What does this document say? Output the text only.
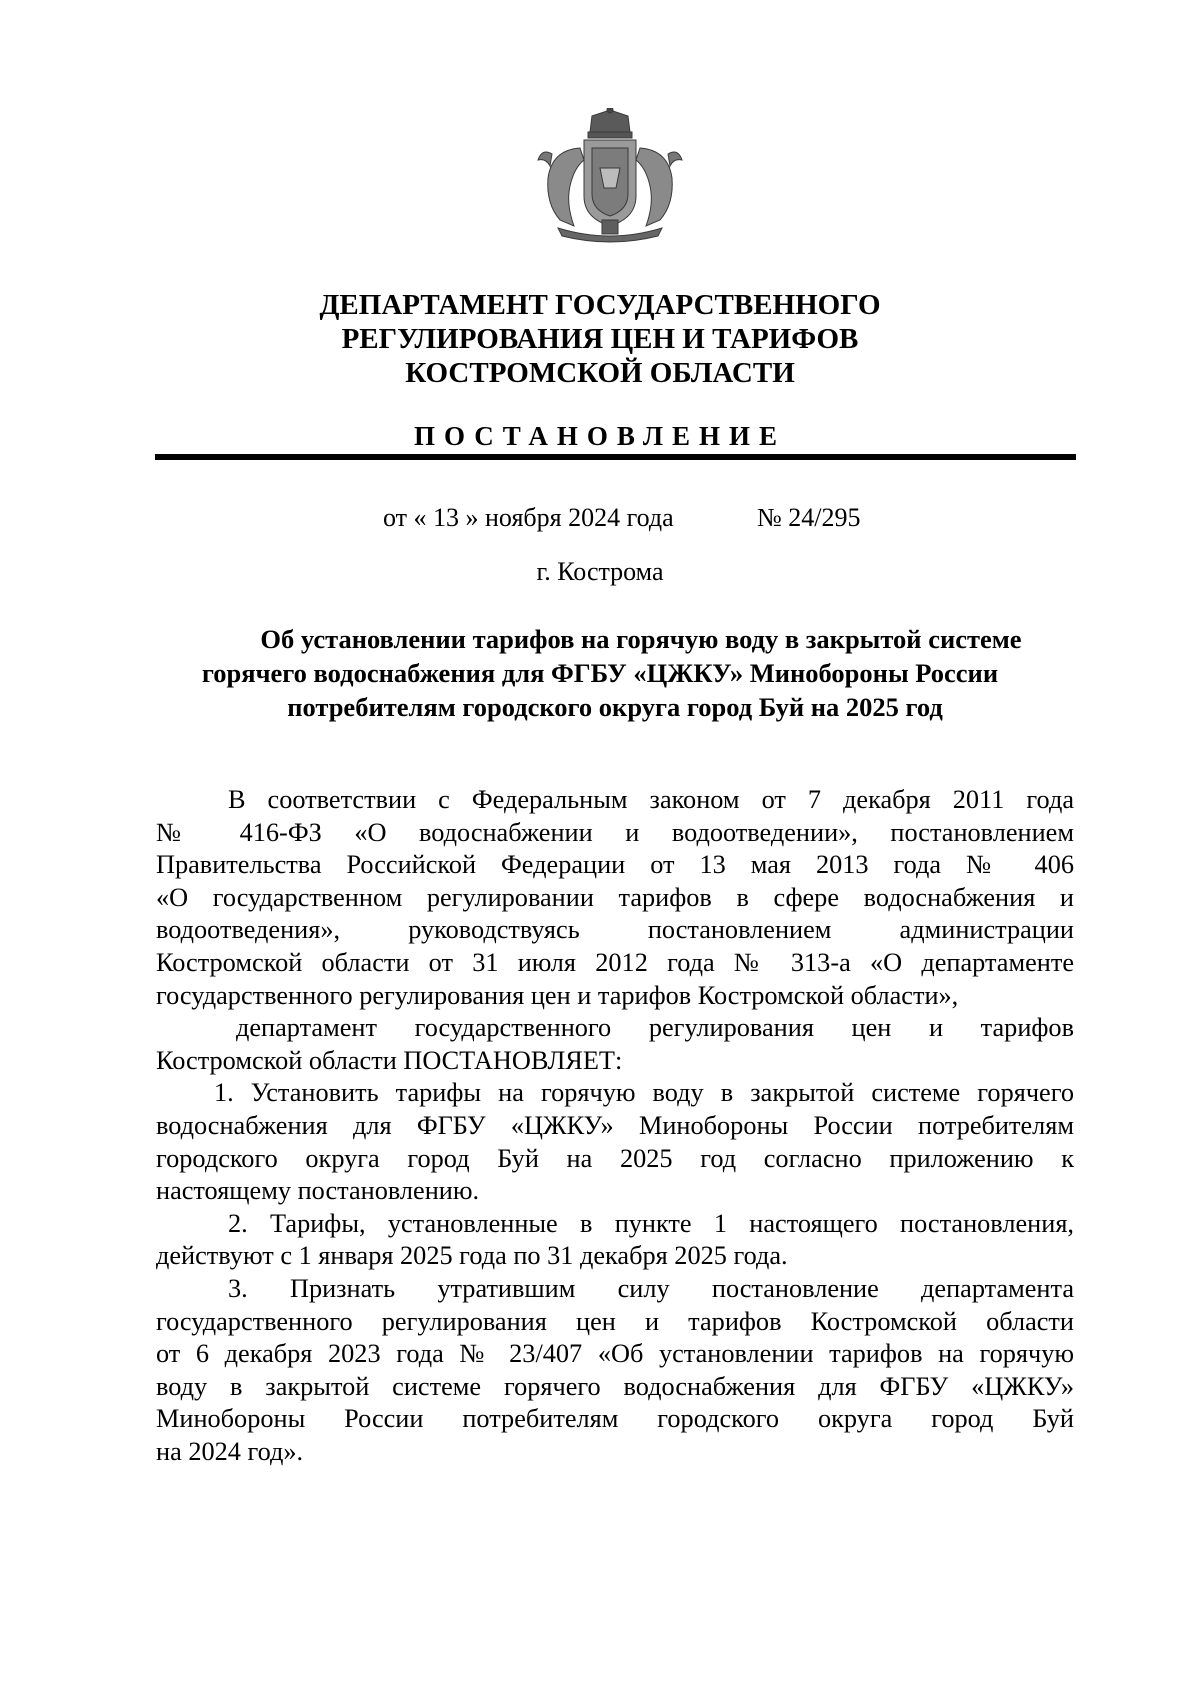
ДЕПАРТАМЕНТ ГОСУДАРСТВЕННОГО
РЕГУЛИРОВАНИЯ ЦЕН И ТАРИФОВ
КОСТРОМСКОЙ ОБЛАСТИ
ПОСТАНОВЛЕНИЕ
от « 13 » ноября 2024 года	№ 24/295
г. Кострома
Об установлении тарифов на горячую воду в закрытой системе
горячего водоснабжения для ФГБУ «ЦЖКУ» Минобороны России
потребителям городского округа город Буй на 2025 год
В соответствии с Федеральным законом от 7 декабря 2011 года
№ 416-ФЗ «О водоснабжении и водоотведении», постановлением
Правительства Российской Федерации от 13 мая 2013 года № 406
«О государственном регулировании тарифов в сфере водоснабжения и
водоотведения», руководствуясь постановлением администрации
Костромской области от 31 июля 2012 года № 313-а «О департаменте
государственного регулирования цен и тарифов Костромской области»,
департамент государственного регулирования цен и тарифов
Костромской области ПОСТАНОВЛЯЕТ:
1. Установить тарифы на горячую воду в закрытой системе горячего
водоснабжения для ФГБУ «ЦЖКУ» Минобороны России потребителям
городского округа город Буй на 2025 год согласно приложению к
настоящему постановлению.
2. Тарифы, установленные в пункте 1 настоящего постановления,
действуют с 1 января 2025 года по 31 декабря 2025 года.
3. Признать утратившим силу постановление департамента
государственного регулирования цен и тарифов Костромской области
от 6 декабря 2023 года № 23/407 «Об установлении тарифов на горячую
воду в закрытой системе горячего водоснабжения для ФГБУ «ЦЖКУ»
Минобороны России потребителям городского округа город Буй
на 2024 год».
